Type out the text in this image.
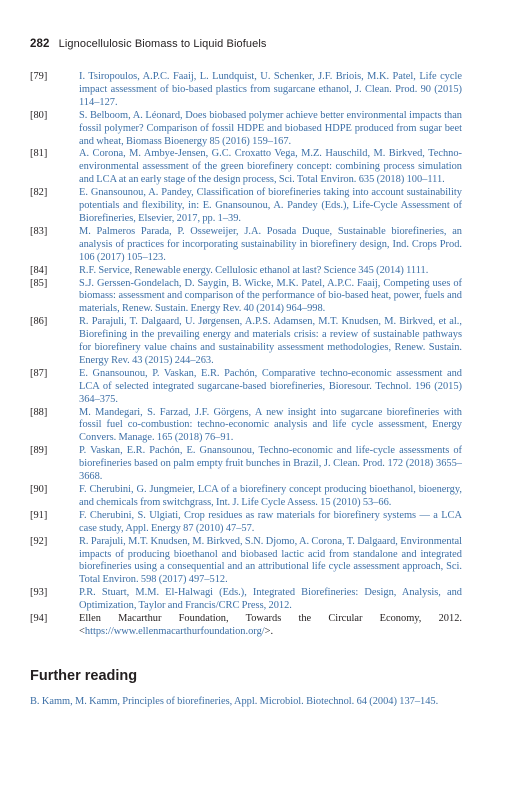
282 Lignocellulosic Biomass to Liquid Biofuels
[79]	I. Tsiropoulos, A.P.C. Faaij, L. Lundquist, U. Schenker, J.F. Briois, M.K. Patel, Life cycle impact assessment of bio-based plastics from sugarcane ethanol, J. Clean. Prod. 90 (2015) 114–127.
[80]	S. Belboom, A. Léonard, Does biobased polymer achieve better environmental impacts than fossil polymer? Comparison of fossil HDPE and biobased HDPE produced from sugar beet and wheat, Biomass Bioenergy 85 (2016) 159–167.
[81]	A. Corona, M. Ambye-Jensen, G.C. Croxatto Vega, M.Z. Hauschild, M. Birkved, Techno-environmental assessment of the green biorefinery concept: combining process simulation and LCA at an early stage of the design process, Sci. Total Environ. 635 (2018) 100–111.
[82]	E. Gnansounou, A. Pandey, Classification of biorefineries taking into account sustainability potentials and flexibility, in: E. Gnansounou, A. Pandey (Eds.), Life-Cycle Assessment of Biorefineries, Elsevier, 2017, pp. 1–39.
[83]	M. Palmeros Parada, P. Osseweijer, J.A. Posada Duque, Sustainable biorefineries, an analysis of practices for incorporating sustainability in biorefinery design, Ind. Crops Prod. 106 (2017) 105–123.
[84]	R.F. Service, Renewable energy. Cellulosic ethanol at last? Science 345 (2014) 1111.
[85]	S.J. Gerssen-Gondelach, D. Saygin, B. Wicke, M.K. Patel, A.P.C. Faaij, Competing uses of biomass: assessment and comparison of the performance of bio-based heat, power, fuels and materials, Renew. Sustain. Energy Rev. 40 (2014) 964–998.
[86]	R. Parajuli, T. Dalgaard, U. Jørgensen, A.P.S. Adamsen, M.T. Knudsen, M. Birkved, et al., Biorefining in the prevailing energy and materials crisis: a review of sustainable pathways for biorefinery value chains and sustainability assessment methodologies, Renew. Sustain. Energy Rev. 43 (2015) 244–263.
[87]	E. Gnansounou, P. Vaskan, E.R. Pachón, Comparative techno-economic assessment and LCA of selected integrated sugarcane-based biorefineries, Bioresour. Technol. 196 (2015) 364–375.
[88]	M. Mandegari, S. Farzad, J.F. Görgens, A new insight into sugarcane biorefineries with fossil fuel co-combustion: techno-economic analysis and life cycle assessment, Energy Convers. Manage. 165 (2018) 76–91.
[89]	P. Vaskan, E.R. Pachón, E. Gnansounou, Techno-economic and life-cycle assessments of biorefineries based on palm empty fruit bunches in Brazil, J. Clean. Prod. 172 (2018) 3655–3668.
[90]	F. Cherubini, G. Jungmeier, LCA of a biorefinery concept producing bioethanol, bioenergy, and chemicals from switchgrass, Int. J. Life Cycle Assess. 15 (2010) 53–66.
[91]	F. Cherubini, S. Ulgiati, Crop residues as raw materials for biorefinery systems — a LCA case study, Appl. Energy 87 (2010) 47–57.
[92]	R. Parajuli, M.T. Knudsen, M. Birkved, S.N. Djomo, A. Corona, T. Dalgaard, Environmental impacts of producing bioethanol and biobased lactic acid from standalone and integrated biorefineries using a consequential and an attributional life cycle assessment approach, Sci. Total Environ. 598 (2017) 497–512.
[93]	P.R. Stuart, M.M. El-Halwagi (Eds.), Integrated Biorefineries: Design, Analysis, and Optimization, Taylor and Francis/CRC Press, 2012.
[94]	Ellen Macarthur Foundation, Towards the Circular Economy, 2012. <https://www.ellenmacarthurfoundation.org/>.
Further reading
B. Kamm, M. Kamm, Principles of biorefineries, Appl. Microbiol. Biotechnol. 64 (2004) 137–145.
